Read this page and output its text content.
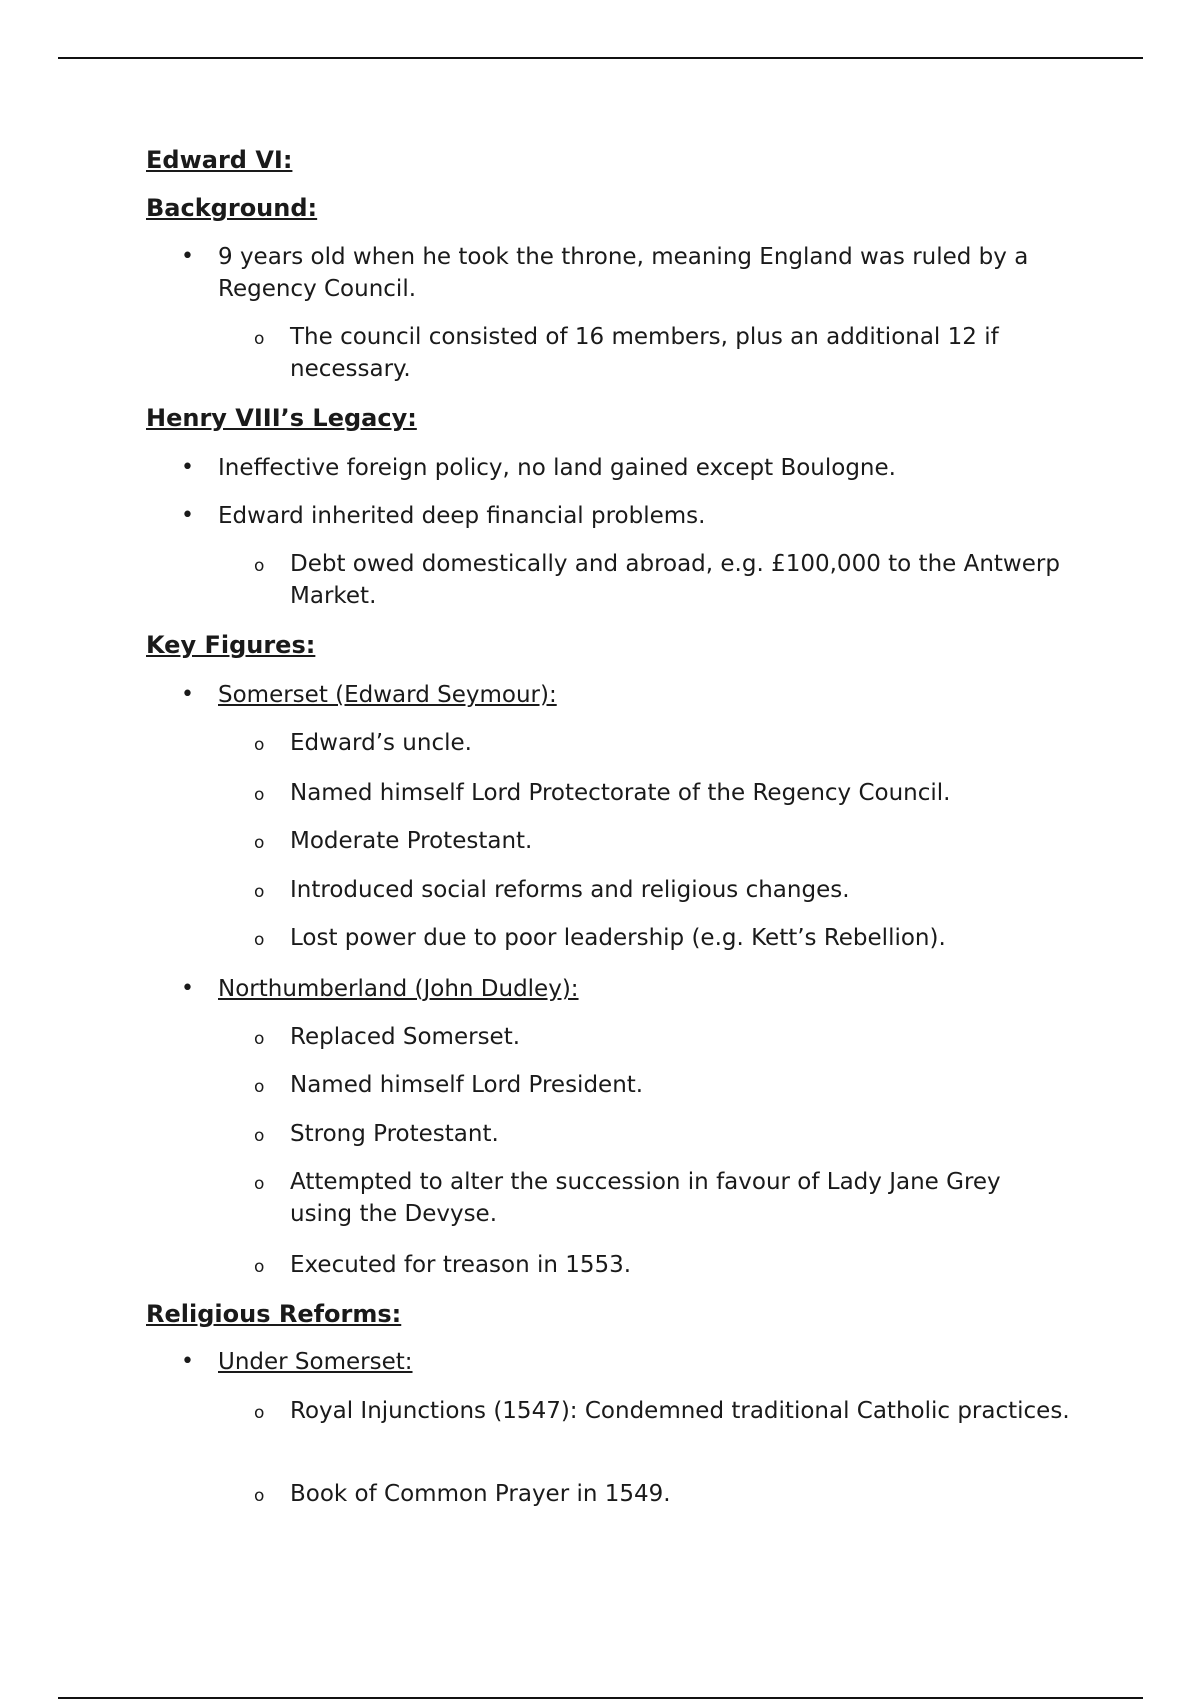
Edward VI:

Background:

• 9 years old when he took the throne, meaning England was ruled by a Regency Council.

o The council consisted of 16 members, plus an additional 12 if necessary.

Henry VIII’s Legacy:

• Ineffective foreign policy, no land gained except Boulogne.

• Edward inherited deep financial problems.

o Debt owed domestically and abroad, e.g. £100,000 to the Antwerp Market.

Key Figures:

• Somerset (Edward Seymour):

o Edward’s uncle.

o Named himself Lord Protectorate of the Regency Council.

o Moderate Protestant.

o Introduced social reforms and religious changes.

o Lost power due to poor leadership (e.g. Kett’s Rebellion).

• Northumberland (John Dudley):

o Replaced Somerset.

o Named himself Lord President.

o Strong Protestant.

o Attempted to alter the succession in favour of Lady Jane Grey using the Devyse.

o Executed for treason in 1553.

Religious Reforms:

• Under Somerset:

o Royal Injunctions (1547): Condemned traditional Catholic practices.

o Book of Common Prayer in 1549.
